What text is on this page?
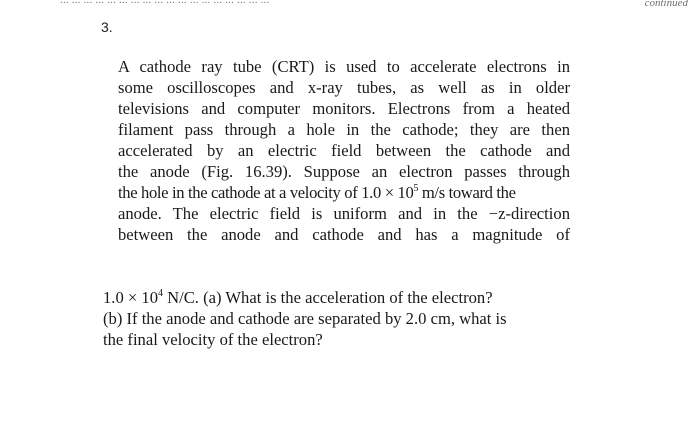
continued
3.
A cathode ray tube (CRT) is used to accelerate electrons in
some oscilloscopes and x-ray tubes, as well as in older
televisions and computer monitors. Electrons from a heated
filament pass through a hole in the cathode; they are then
accelerated by an electric field between the cathode and
the anode (Fig. 16.39). Suppose an electron passes through
the hole in the cathode at a velocity of $1.0 \times 10^5$ m/s toward the
anode. The electric field is uniform and in the −z-direction
between the anode and cathode and has a magnitude of
$1.0 \times 10^4$ N/C. (a) What is the acceleration of the electron?
(b) If the anode and cathode are separated by 2.0 cm, what is
the final velocity of the electron?
